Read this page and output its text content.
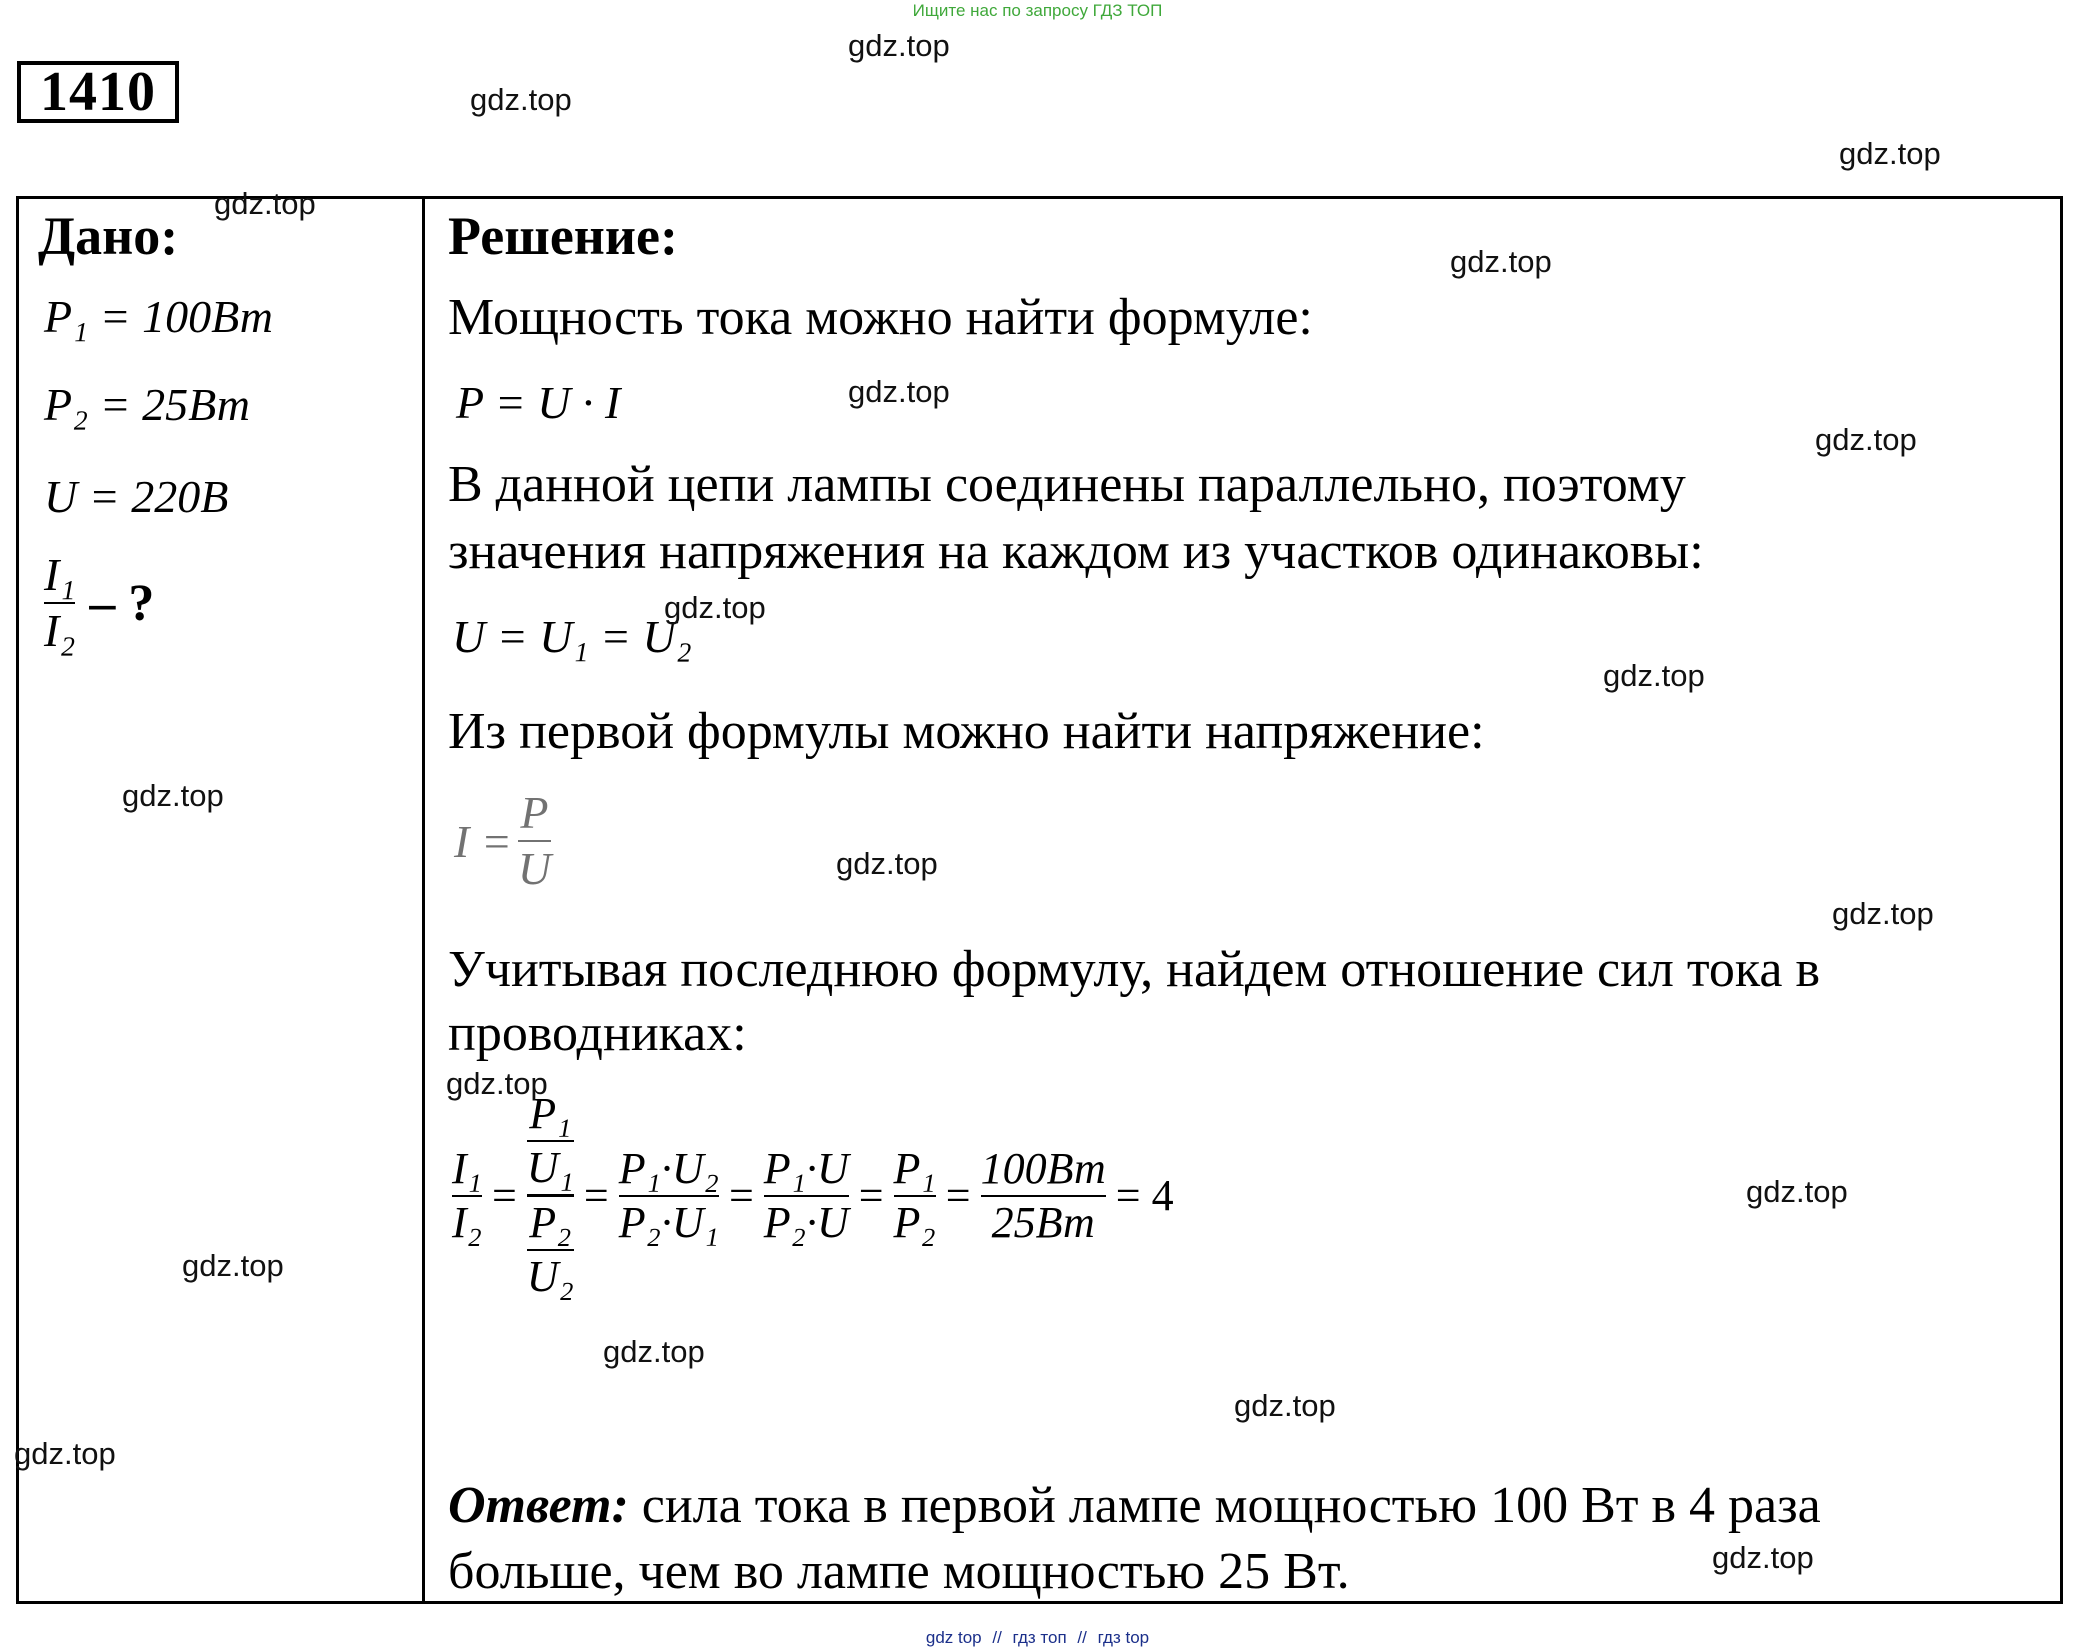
Ищите нас по запросу ГДЗ ТОП
1410
Дано:
P₁ = 100Вт
P₂ = 25Вт
U = 220В
$\frac{\text{I₁}}{\text{I₂}}$ – ?
Решение:
Мощность тока можно найти формуле:
P = U · I
В данной цепи лампы соединены параллельно, поэтому
значения напряжения на каждом из участков одинаковы:
U = U₁ = U₂
Из первой формулы можно найти напряжение:
$I = \frac{P}{U}$
Учитывая последнюю формулу, найдем отношение сил тока в
проводниках:
$\frac{\text{I₁}}{\text{I₂}} = \frac{\frac{\text{P₁}}{\text{U₁}}}{\frac{\text{P₂}}{\text{U₂}}} = \frac{\text{P₁·U₂}}{\text{P₂·U₁}} = \frac{\text{P₁·U}}{\text{P₂·U}} = \frac{\text{P₁}}{\text{P₂}} = \frac{100Вт}{25Вт} = 4$
Ответ: сила тока в первой лампе мощностью 100 Вт в 4 раза
больше, чем во лампе мощностью 25 Вт.
gdz.top
gdz.top
gdz.top
gdz.top
gdz.top
gdz.top
gdz.top
gdz.top
gdz.top
gdz.top
gdz.top
gdz.top
gdz.top
gdz.top
gdz.top
gdz.top
gdz.top
gdz.top
gdz.top
gdz top // гдз топ // гдз top
